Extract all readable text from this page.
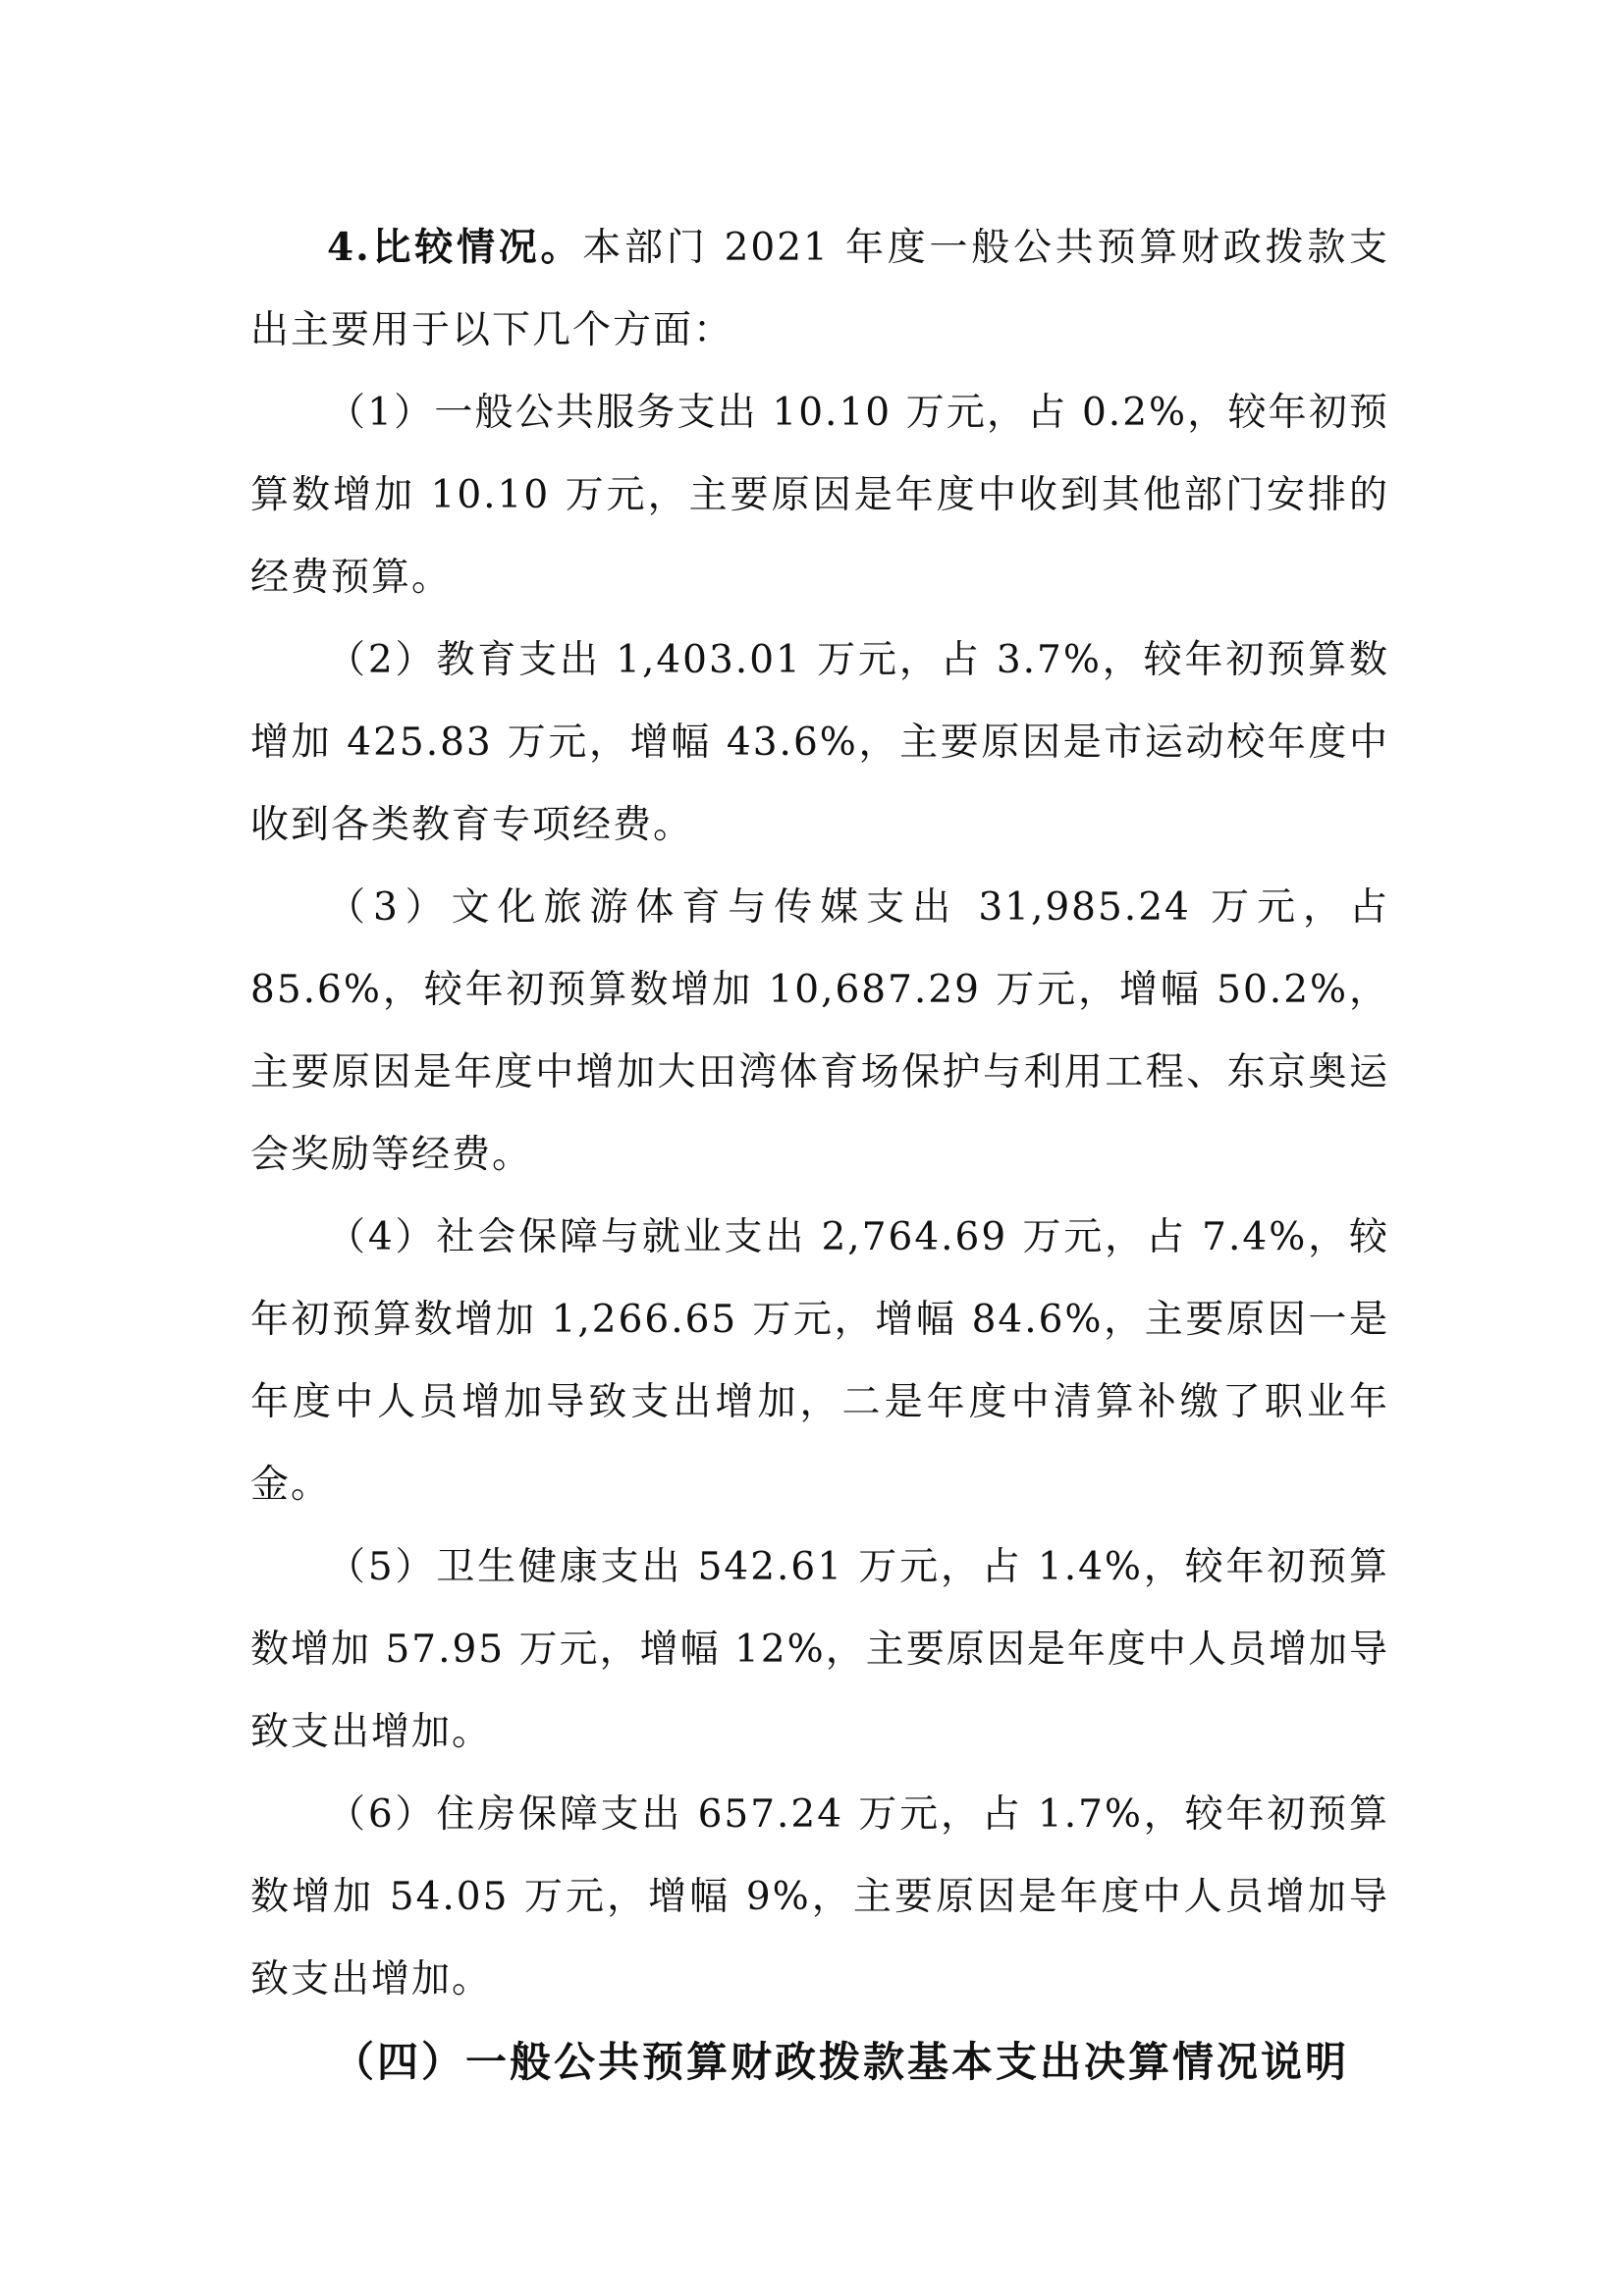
4.比较情况。本部门 2021 年度一般公共预算财政拨款支出主要用于以下几个方面：

（1）一般公共服务支出 10.10 万元，占 0.2%，较年初预算数增加 10.10 万元，主要原因是年度中收到其他部门安排的经费预算。

（2）教育支出 1,403.01 万元，占 3.7%，较年初预算数增加 425.83 万元，增幅 43.6%，主要原因是市运动校年度中收到各类教育专项经费。

（3）文化旅游体育与传媒支出 31,985.24 万元，占 85.6%，较年初预算数增加 10,687.29 万元，增幅 50.2%，主要原因是年度中增加大田湾体育场保护与利用工程、东京奥运会奖励等经费。

（4）社会保障与就业支出 2,764.69 万元，占 7.4%，较年初预算数增加 1,266.65 万元，增幅 84.6%，主要原因一是年度中人员增加导致支出增加，二是年度中清算补缴了职业年金。

（5）卫生健康支出 542.61 万元，占 1.4%，较年初预算数增加 57.95 万元，增幅 12%，主要原因是年度中人员增加导致支出增加。

（6）住房保障支出 657.24 万元，占 1.7%，较年初预算数增加 54.05 万元，增幅 9%，主要原因是年度中人员增加导致支出增加。

（四）一般公共预算财政拨款基本支出决算情况说明
